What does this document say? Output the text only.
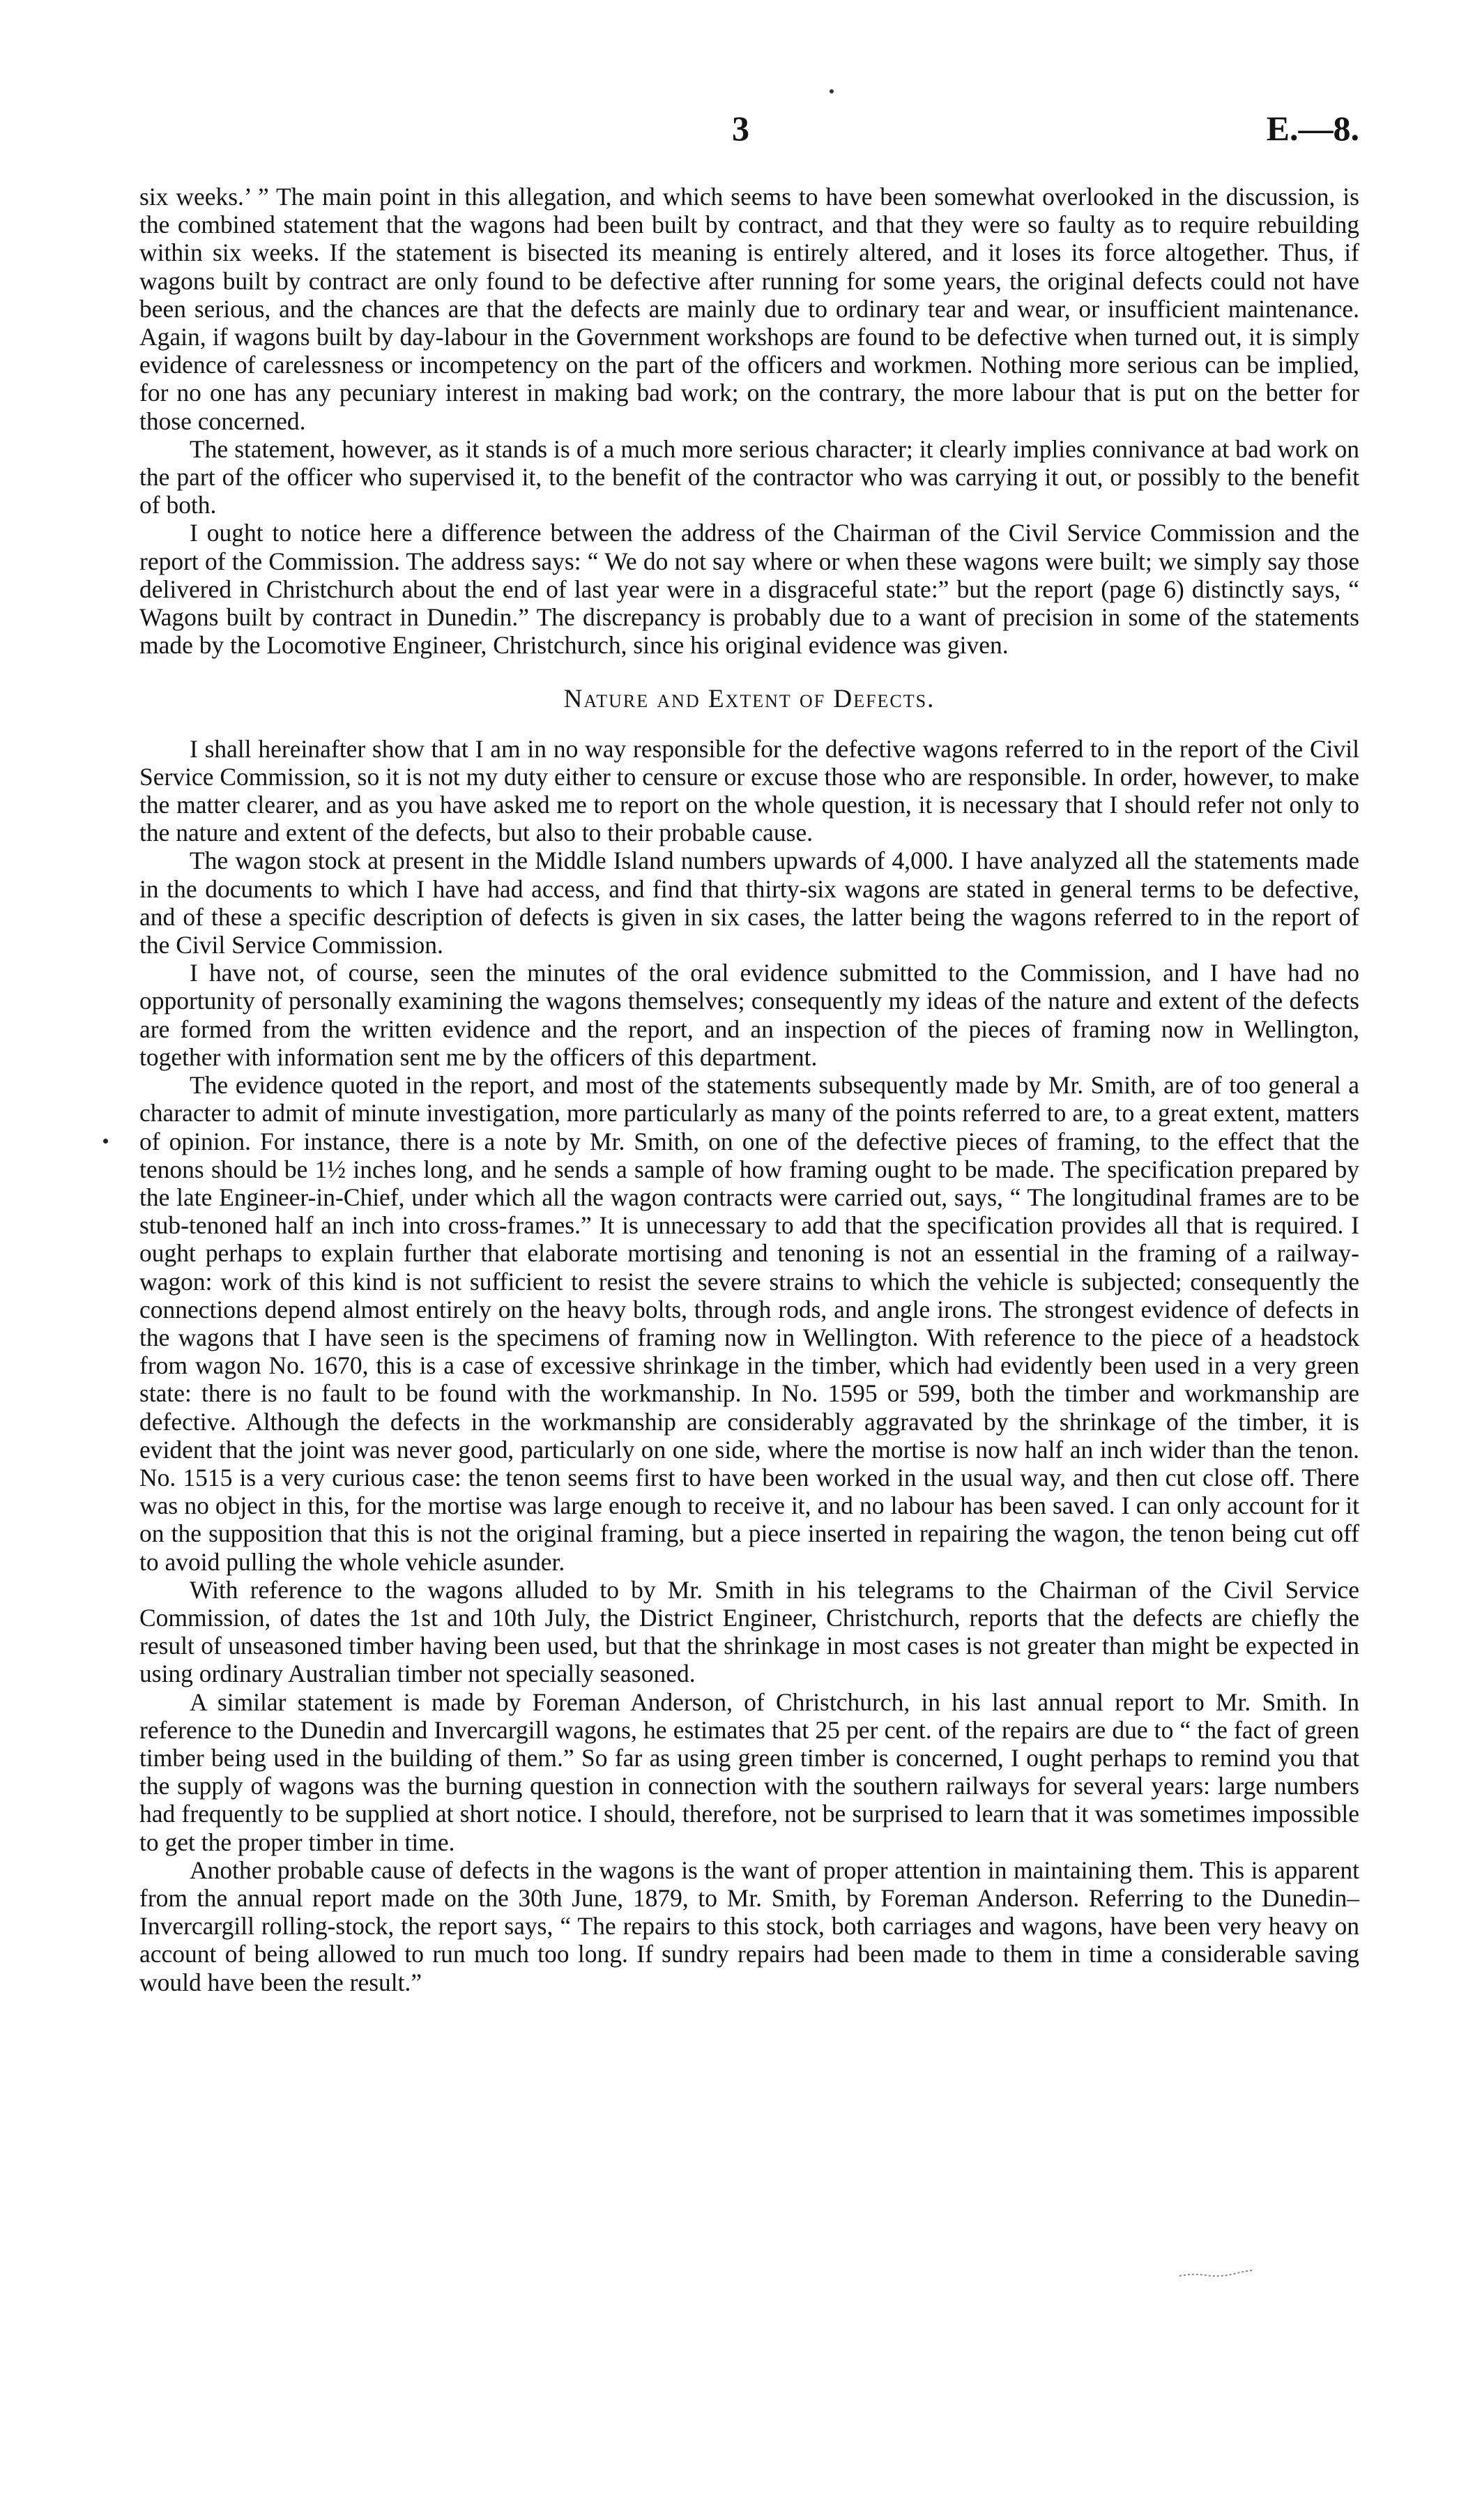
3	E.—8.

six weeks.’ ” The main point in this allegation, and which seems to have been somewhat overlooked in the discussion, is the combined statement that the wagons had been built by contract, and that they were so faulty as to require rebuilding within six weeks. If the statement is bisected its meaning is entirely altered, and it loses its force altogether. Thus, if wagons built by contract are only found to be defective after running for some years, the original defects could not have been serious, and the chances are that the defects are mainly due to ordinary tear and wear, or insufficient maintenance. Again, if wagons built by day-labour in the Government workshops are found to be defective when turned out, it is simply evidence of carelessness or incompetency on the part of the officers and workmen. Nothing more serious can be implied, for no one has any pecuniary interest in making bad work; on the contrary, the more labour that is put on the better for those concerned.

The statement, however, as it stands is of a much more serious character; it clearly implies connivance at bad work on the part of the officer who supervised it, to the benefit of the contractor who was carrying it out, or possibly to the benefit of both.

I ought to notice here a difference between the address of the Chairman of the Civil Service Commission and the report of the Commission. The address says: “ We do not say where or when these wagons were built; we simply say those delivered in Christchurch about the end of last year were in a disgraceful state:” but the report (page 6) distinctly says, “ Wagons built by contract in Dunedin.” The discrepancy is probably due to a want of precision in some of the statements made by the Locomotive Engineer, Christchurch, since his original evidence was given.

Nature and Extent of Defects.

I shall hereinafter show that I am in no way responsible for the defective wagons referred to in the report of the Civil Service Commission, so it is not my duty either to censure or excuse those who are responsible. In order, however, to make the matter clearer, and as you have asked me to report on the whole question, it is necessary that I should refer not only to the nature and extent of the defects, but also to their probable cause.

The wagon stock at present in the Middle Island numbers upwards of 4,000. I have analyzed all the statements made in the documents to which I have had access, and find that thirty-six wagons are stated in general terms to be defective, and of these a specific description of defects is given in six cases, the latter being the wagons referred to in the report of the Civil Service Commission.

I have not, of course, seen the minutes of the oral evidence submitted to the Commission, and I have had no opportunity of personally examining the wagons themselves; consequently my ideas of the nature and extent of the defects are formed from the written evidence and the report, and an inspection of the pieces of framing now in Wellington, together with information sent me by the officers of this department.

The evidence quoted in the report, and most of the statements subsequently made by Mr. Smith, are of too general a character to admit of minute investigation, more particularly as many of the points referred to are, to a great extent, matters of opinion. For instance, there is a note by Mr. Smith, on one of the defective pieces of framing, to the effect that the tenons should be 1½ inches long, and he sends a sample of how framing ought to be made. The specification prepared by the late Engineer-in-Chief, under which all the wagon contracts were carried out, says, “ The longitudinal frames are to be stub-tenoned half an inch into cross-frames.” It is unnecessary to add that the specification provides all that is required. I ought perhaps to explain further that elaborate mortising and tenoning is not an essential in the framing of a railway-wagon: work of this kind is not sufficient to resist the severe strains to which the vehicle is subjected; consequently the connections depend almost entirely on the heavy bolts, through rods, and angle irons. The strongest evidence of defects in the wagons that I have seen is the specimens of framing now in Wellington. With reference to the piece of a headstock from wagon No. 1670, this is a case of excessive shrinkage in the timber, which had evidently been used in a very green state: there is no fault to be found with the workmanship. In No. 1595 or 599, both the timber and workmanship are defective. Although the defects in the workmanship are considerably aggravated by the shrinkage of the timber, it is evident that the joint was never good, particularly on one side, where the mortise is now half an inch wider than the tenon. No. 1515 is a very curious case: the tenon seems first to have been worked in the usual way, and then cut close off. There was no object in this, for the mortise was large enough to receive it, and no labour has been saved. I can only account for it on the supposition that this is not the original framing, but a piece inserted in repairing the wagon, the tenon being cut off to avoid pulling the whole vehicle asunder.

With reference to the wagons alluded to by Mr. Smith in his telegrams to the Chairman of the Civil Service Commission, of dates the 1st and 10th July, the District Engineer, Christchurch, reports that the defects are chiefly the result of unseasoned timber having been used, but that the shrinkage in most cases is not greater than might be expected in using ordinary Australian timber not specially seasoned.

A similar statement is made by Foreman Anderson, of Christchurch, in his last annual report to Mr. Smith. In reference to the Dunedin and Invercargill wagons, he estimates that 25 per cent. of the repairs are due to “ the fact of green timber being used in the building of them.” So far as using green timber is concerned, I ought perhaps to remind you that the supply of wagons was the burning question in connection with the southern railways for several years: large numbers had frequently to be supplied at short notice. I should, therefore, not be surprised to learn that it was sometimes impossible to get the proper timber in time.

Another probable cause of defects in the wagons is the want of proper attention in maintaining them. This is apparent from the annual report made on the 30th June, 1879, to Mr. Smith, by Foreman Anderson. Referring to the Dunedin–Invercargill rolling-stock, the report says, “ The repairs to this stock, both carriages and wagons, have been very heavy on account of being allowed to run much too long. If sundry repairs had been made to them in time a considerable saving would have been the result.”
